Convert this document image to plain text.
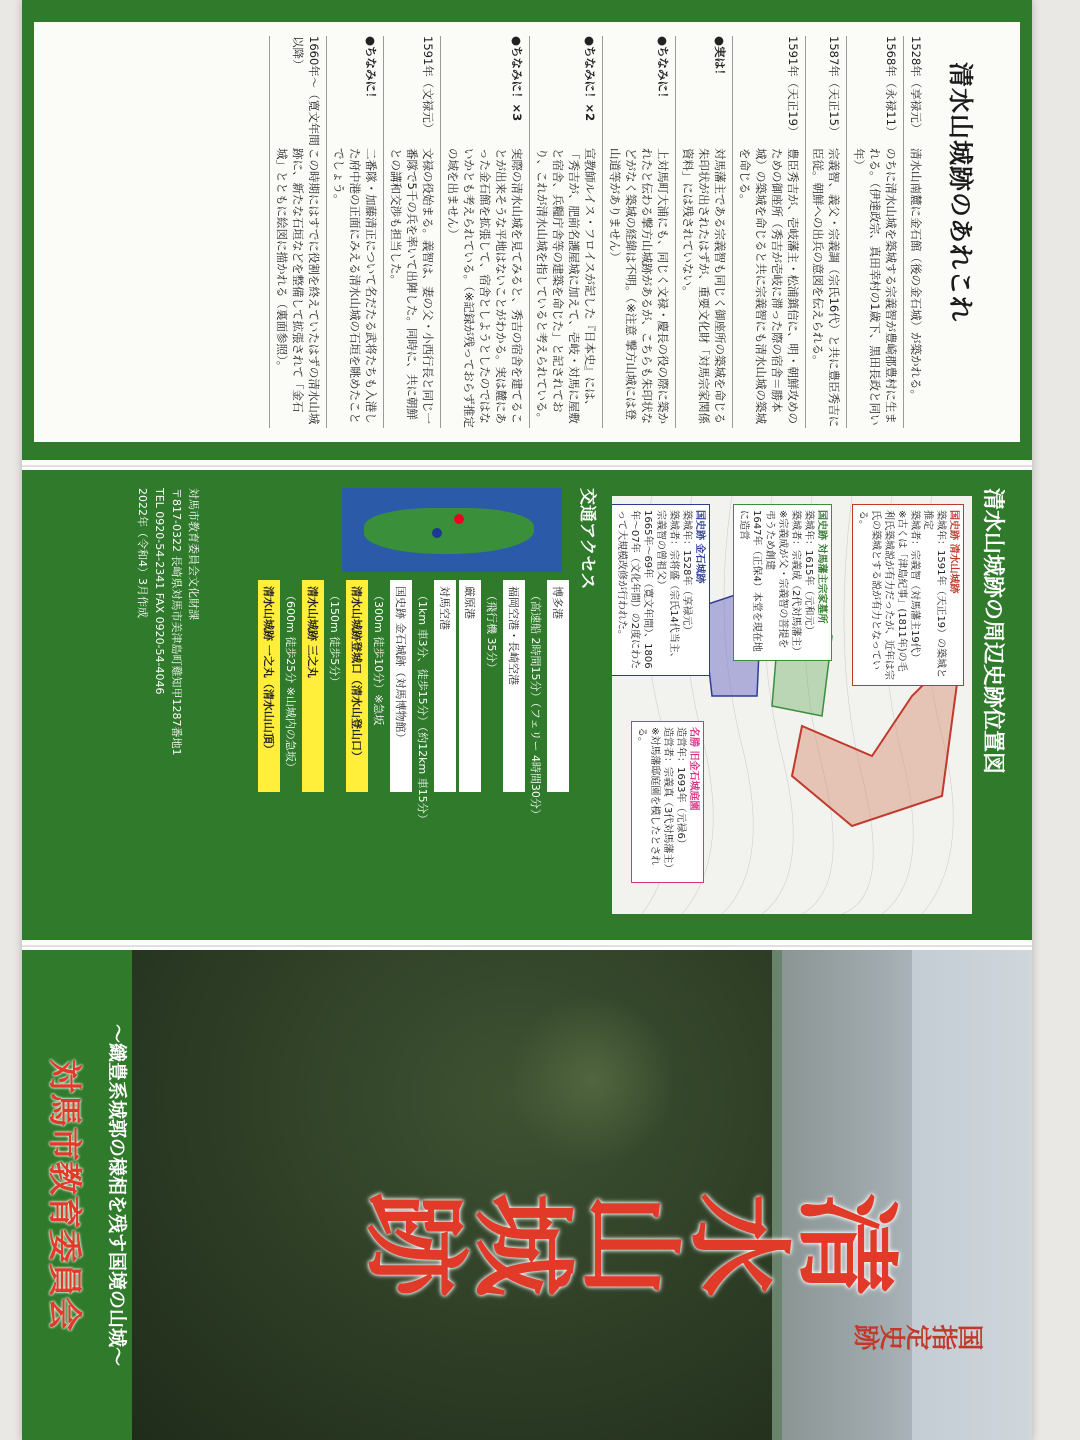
清水山城跡のあれこれ
1528年（享禄元）
清水山南麓に金石館（後の金石城）が築かれる。
1568年（永禄11）
のちに清水山城を築城する宗義智が豊崎郡豊村に生まれる。（伊達政宗、真田幸村の1歳下、黒田長政と同い年）
1587年（天正15）
宗義智、義父・宗義調（宗氏16代）と共に豊臣秀吉に臣従。朝鮮への出兵の意図を伝えられる。
1591年（天正19）
豊臣秀吉が、壱岐藩主・松浦鎮信に、明・朝鮮攻めのための御座所（秀吉が壱岐に滞った際の宿舎＝勝本城）の築城を命じると共に宗義智にも清水山城の築城を命じる。
●実は！
対馬藩主である宗義智も同じく御座所の築城を命じる朱印状が出されたはずが、重要文化財「対馬宗家関係資料」には残されていない。
●ちなみに！
上対馬町大浦にも、同じく文禄・慶長の役の際に築かれたと伝わる撃方山城跡があるが、こちらも朱印状などがなく築城の経緯は不明。（※注意 撃方山城には登山道等がありません）
●ちなみに！×2
宣教師ルイス・フロイスが記した『日本史』には、「秀吉が、肥前名護屋城に加えて、壱岐・対馬に屋敷と宿舎、兵糧庁舎等の建築を命じた」と記されており、これが清水山城を指していると考えられている。
●ちなみに！×3
実際の清水山城を見てみると、秀吉の宿舎を建てることが出来そうな平地はないことがわかる。実は麓にあった金石館を拡張して、宿舎としようとしたのではないかとも考えられている。（※記録が残っておらず推定の域を出ません）
1591年（文禄元）
文禄の役始まる。義智は、妻の父・小西行長と同じ一番隊で5千の兵を率いて出陣した。同時に、共に朝鮮との講和交渉も担当した。
●ちなみに！
二番隊・加藤清正について名だたる武将たちも入港した府中港の正面にみえる清水山城の石垣を眺めたことでしょう。
1660年～（寛文年間以降）
この時期にはすでに役割を終えていたはずの清水山城跡に、新たな石垣などを整備して拡張されて「金石城」とともに絵図に描かれる（裏面参照）。
清水山城跡の周辺史跡位置図
国史跡 清水山城跡
築城年：1591年（天正19）の築城と推定
築城者：宗義智（対馬藩主19代）
※古くは「津島紀事」(1811年)の毛利氏築城説が有力だったが、近年は宗氏の築城とする説が有力となっている。
国史跡 対馬藩主宗家墓所
築城年：1615年（元和元）
築城者：宗義成（2代対馬藩主）
※宗義成が父・宗義智の菩提を弔うため創建
1647年（正保4）本堂を現在地に造営
国史跡 金石城跡
築城年：1528年（享禄元）
築城者：宗将盛（宗氏14代当主、宗義智の曾祖父）
1665年～69年（寛文年間）、1806年～07年（文化年間）の2度にわたって大規模改修が行われた。
名勝 旧金石城庭園
造営年：1693年（元禄6）
造営者：宗義真（3代対馬藩主）
※対馬藩邸庭園を模したとされる。
交通アクセス
博多港
（高速船 2時間15分）（フェリー 4時間30分）
福岡空港・長崎空港
（飛行機 35分）
厳原港
対馬空港
（1km 車3分、徒歩15分）（約12km 車15分）
国史跡 金石城跡（対馬博物館）
（300m 徒歩10分）※急坂
清水山城跡登城口（清水山登山口）
（150m 徒歩5分）
清水山城跡 三之丸
（600m 徒歩25分 ※山城内の急坂）
清水山城跡 一之丸（清水山山頂）
対馬市教育委員会文化財課
〒817-0322 長崎県対馬市美津島町雞知甲1287番地1
TEL 0920-54-2341 FAX 0920-54-4046
2022年（令和4）3月作成
国指定史跡
清水山城跡
～織豊系城郭の様相を残す国境の山城～
対馬市教育委員会
